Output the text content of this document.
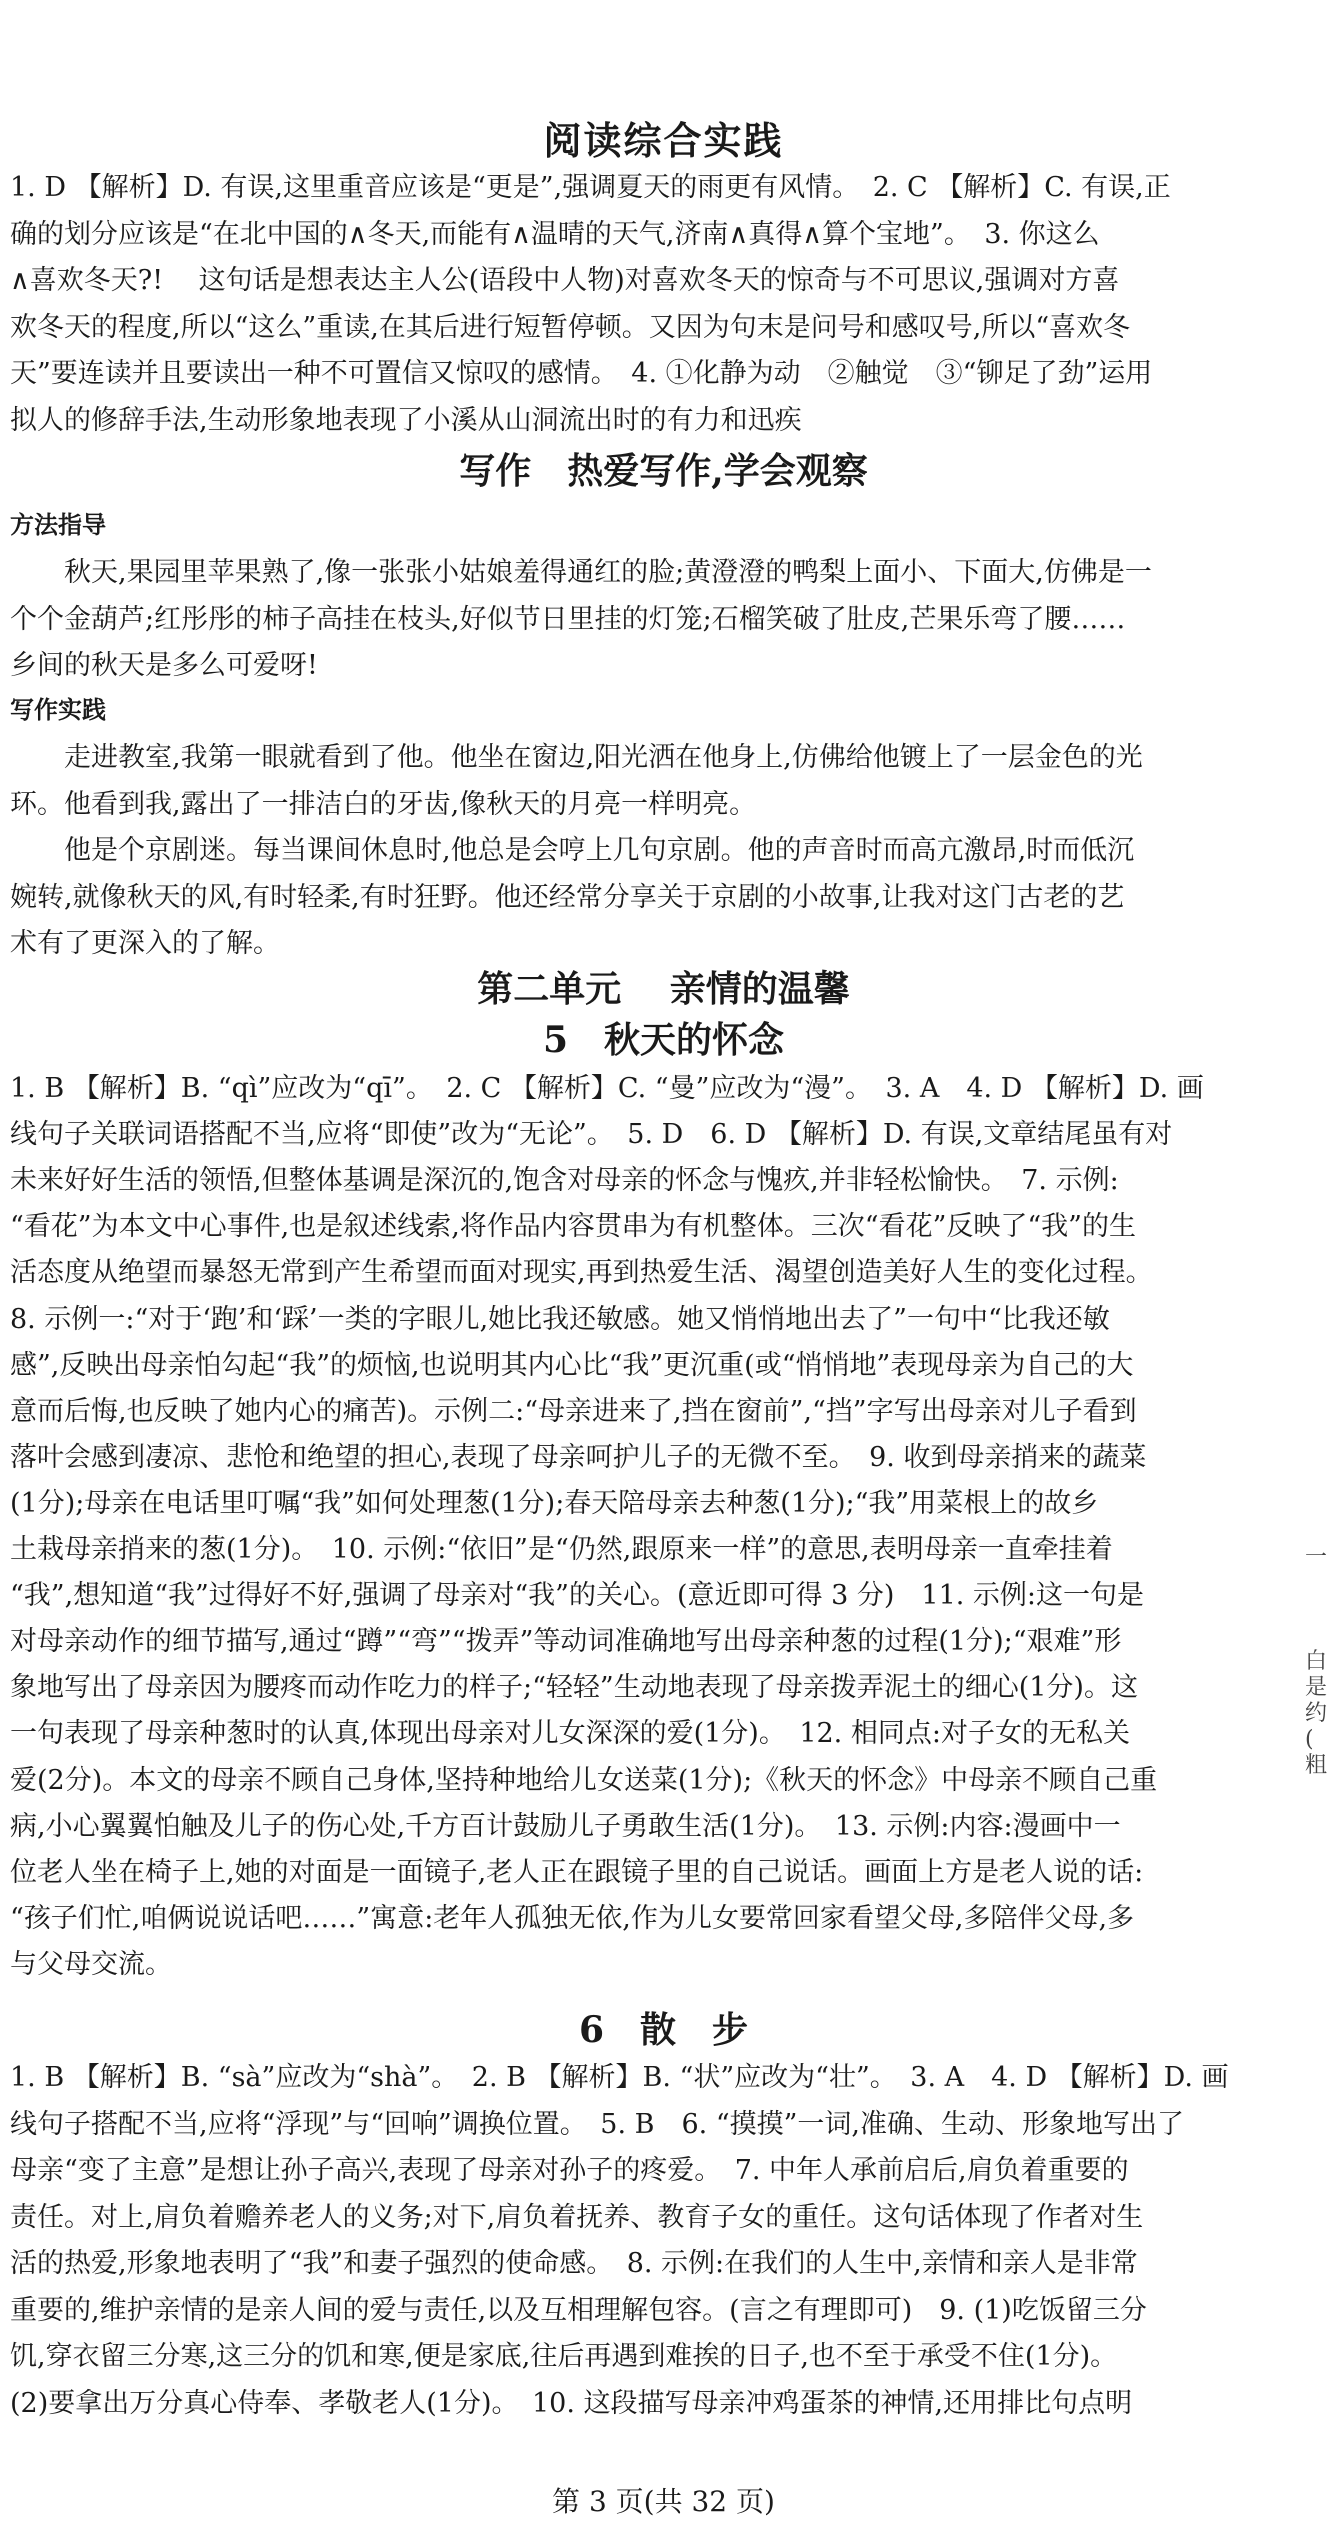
阅读综合实践
1. D 【解析】D. 有误,这里重音应该是“更是”,强调夏天的雨更有风情。　2. C 【解析】C. 有误,正
确的划分应该是“在北中国的∧冬天,而能有∧温晴的天气,济南∧真得∧算个宝地”。　3. 你这么
∧喜欢冬天?!　 这句话是想表达主人公(语段中人物)对喜欢冬天的惊奇与不可思议,强调对方喜
欢冬天的程度,所以“这么”重读,在其后进行短暂停顿。又因为句末是问号和感叹号,所以“喜欢冬
天”要连读并且要读出一种不可置信又惊叹的感情。　4. ①化静为动　②触觉　③“铆足了劲”运用
拟人的修辞手法,生动形象地表现了小溪从山洞流出时的有力和迅疾
写作　热爱写作,学会观察
方法指导
　　秋天,果园里苹果熟了,像一张张小姑娘羞得通红的脸;黄澄澄的鸭梨上面小、下面大,仿佛是一
个个金葫芦;红彤彤的柿子高挂在枝头,好似节日里挂的灯笼;石榴笑破了肚皮,芒果乐弯了腰……
乡间的秋天是多么可爱呀!
写作实践
　　走进教室,我第一眼就看到了他。他坐在窗边,阳光洒在他身上,仿佛给他镀上了一层金色的光
环。他看到我,露出了一排洁白的牙齿,像秋天的月亮一样明亮。
　　他是个京剧迷。每当课间休息时,他总是会哼上几句京剧。他的声音时而高亢激昂,时而低沉
婉转,就像秋天的风,有时轻柔,有时狂野。他还经常分享关于京剧的小故事,让我对这门古老的艺
术有了更深入的了解。
第二单元　 亲情的温馨
5　秋天的怀念
1. B 【解析】B. “qì”应改为“qī”。　2. C 【解析】C. “曼”应改为“漫”。　3. A　4. D 【解析】D. 画
线句子关联词语搭配不当,应将“即使”改为“无论”。　5. D　6. D 【解析】D. 有误,文章结尾虽有对
未来好好生活的领悟,但整体基调是深沉的,饱含对母亲的怀念与愧疚,并非轻松愉快。　7. 示例:
“看花”为本文中心事件,也是叙述线索,将作品内容贯串为有机整体。三次“看花”反映了“我”的生
活态度从绝望而暴怒无常到产生希望而面对现实,再到热爱生活、渴望创造美好人生的变化过程。
8. 示例一:“对于‘跑’和‘踩’一类的字眼儿,她比我还敏感。她又悄悄地出去了”一句中“比我还敏
感”,反映出母亲怕勾起“我”的烦恼,也说明其内心比“我”更沉重(或“悄悄地”表现母亲为自己的大
意而后悔,也反映了她内心的痛苦)。示例二:“母亲进来了,挡在窗前”,“挡”字写出母亲对儿子看到
落叶会感到凄凉、悲怆和绝望的担心,表现了母亲呵护儿子的无微不至。　9. 收到母亲捎来的蔬菜
(1分);母亲在电话里叮嘱“我”如何处理葱(1分);春天陪母亲去种葱(1分);“我”用菜根上的故乡
土栽母亲捎来的葱(1分)。　10. 示例:“依旧”是“仍然,跟原来一样”的意思,表明母亲一直牵挂着
“我”,想知道“我”过得好不好,强调了母亲对“我”的关心。(意近即可得 3 分)　11. 示例:这一句是
对母亲动作的细节描写,通过“蹲”“弯”“拨弄”等动词准确地写出母亲种葱的过程(1分);“艰难”形
象地写出了母亲因为腰疼而动作吃力的样子;“轻轻”生动地表现了母亲拨弄泥土的细心(1分)。这
一句表现了母亲种葱时的认真,体现出母亲对儿女深深的爱(1分)。　12. 相同点:对子女的无私关
爱(2分)。本文的母亲不顾自己身体,坚持种地给儿女送菜(1分);《秋天的怀念》中母亲不顾自己重
病,小心翼翼怕触及儿子的伤心处,千方百计鼓励儿子勇敢生活(1分)。　13. 示例:内容:漫画中一
位老人坐在椅子上,她的对面是一面镜子,老人正在跟镜子里的自己说话。画面上方是老人说的话:
“孩子们忙,咱俩说说话吧……”寓意:老年人孤独无依,作为儿女要常回家看望父母,多陪伴父母,多
与父母交流。
6　散　步
1. B 【解析】B. “sà”应改为“shà”。　2. B 【解析】B. “状”应改为“壮”。　3. A　4. D 【解析】D. 画
线句子搭配不当,应将“浮现”与“回响”调换位置。　5. B　6. “摸摸”一词,准确、生动、形象地写出了
母亲“变了主意”是想让孙子高兴,表现了母亲对孙子的疼爱。　7. 中年人承前启后,肩负着重要的
责任。对上,肩负着赡养老人的义务;对下,肩负着抚养、教育子女的重任。这句话体现了作者对生
活的热爱,形象地表明了“我”和妻子强烈的使命感。　8. 示例:在我们的人生中,亲情和亲人是非常
重要的,维护亲情的是亲人间的爱与责任,以及互相理解包容。(言之有理即可)　9. (1)吃饭留三分
饥,穿衣留三分寒,这三分的饥和寒,便是家底,往后再遇到难挨的日子,也不至于承受不住(1分)。
(2)要拿出万分真心侍奉、孝敬老人(1分)。　10. 这段描写母亲冲鸡蛋茶的神情,还用排比句点明
第 3 页(共 32 页)
一

白
是
约
(
粗
